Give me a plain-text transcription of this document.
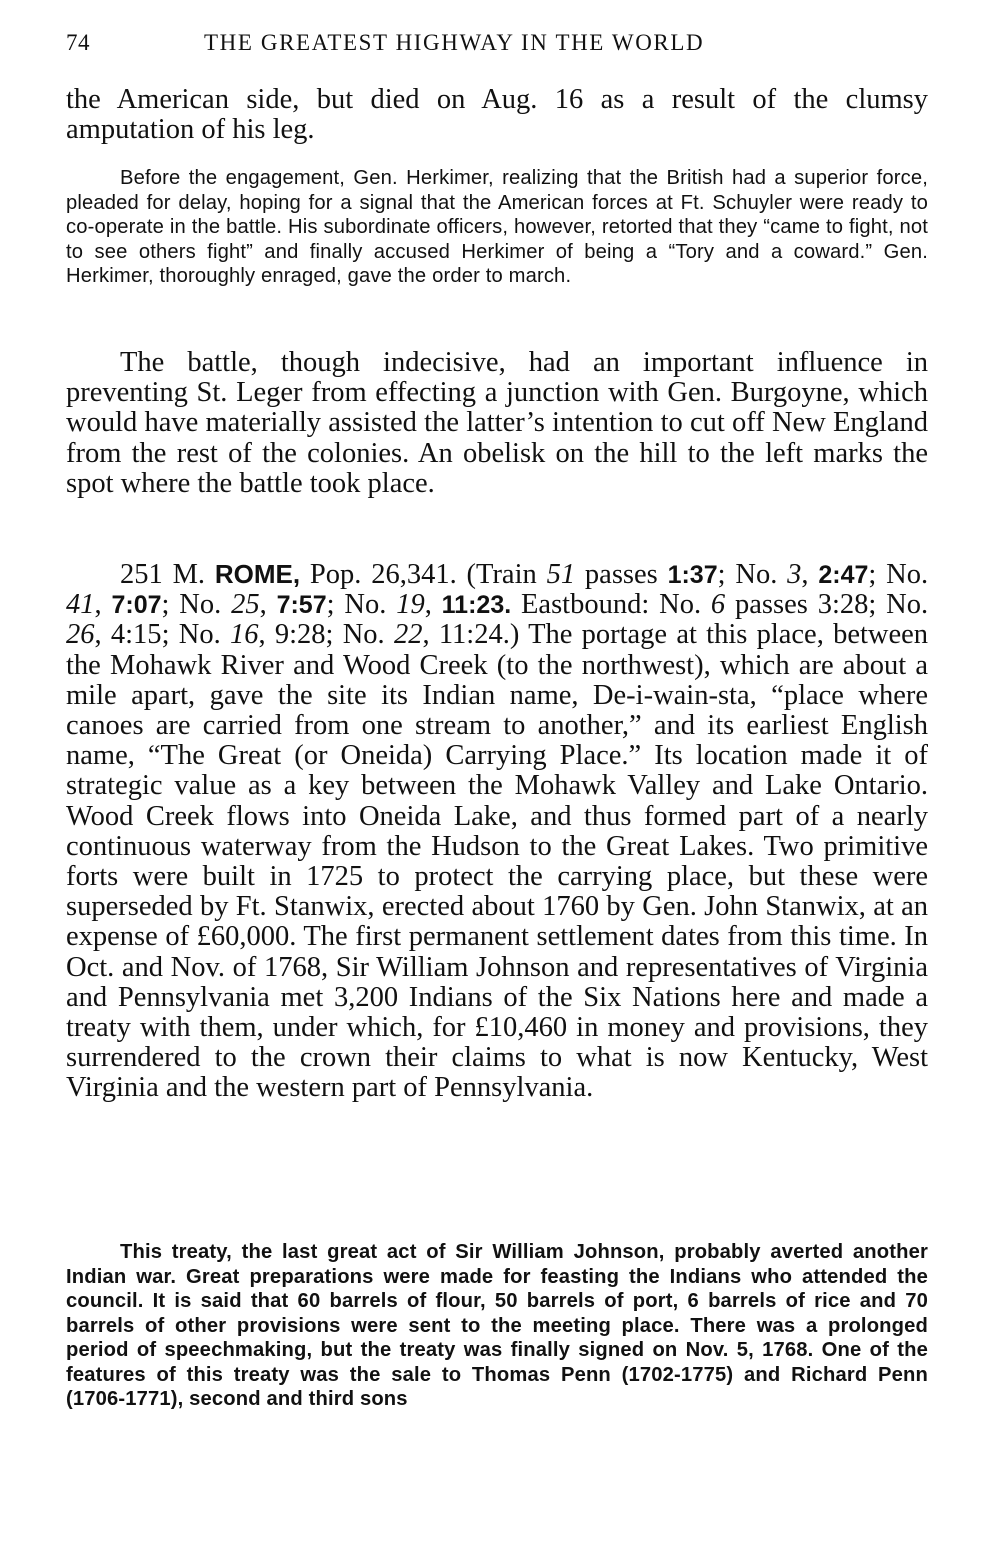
74	THE GREATEST HIGHWAY IN THE WORLD

the American side, but died on Aug. 16 as a result of the clumsy amputation of his leg.

Before the engagement, Gen. Herkimer, realizing that the British had a superior force, pleaded for delay, hoping for a signal that the American forces at Ft. Schuyler were ready to co-operate in the battle. His subordinate officers, however, retorted that they “came to fight, not to see others fight” and finally accused Herkimer of being a “Tory and a coward.” Gen. Herkimer, thoroughly enraged, gave the order to march.

The battle, though indecisive, had an important influence in preventing St. Leger from effecting a junction with Gen. Burgoyne, which would have materially assisted the latter’s intention to cut off New England from the rest of the colonies. An obelisk on the hill to the left marks the spot where the battle took place.

251 M. ROME, Pop. 26,341. (Train 51 passes 1:37; No. 3, 2:47; No. 41, 7:07; No. 25, 7:57; No. 19, 11:23. Eastbound: No. 6 passes 3:28; No. 26, 4:15; No. 16, 9:28; No. 22, 11:24.) The portage at this place, between the Mohawk River and Wood Creek (to the northwest), which are about a mile apart, gave the site its Indian name, De-i-wain-sta, “place where canoes are carried from one stream to another,” and its earliest English name, “The Great (or Oneida) Carrying Place.” Its location made it of strategic value as a key between the Mohawk Valley and Lake Ontario. Wood Creek flows into Oneida Lake, and thus formed part of a nearly continuous waterway from the Hudson to the Great Lakes. Two primitive forts were built in 1725 to protect the carrying place, but these were superseded by Ft. Stanwix, erected about 1760 by Gen. John Stanwix, at an expense of £60,000. The first permanent settlement dates from this time. In Oct. and Nov. of 1768, Sir William Johnson and representatives of Virginia and Pennsylvania met 3,200 Indians of the Six Nations here and made a treaty with them, under which, for £10,460 in money and provisions, they surrendered to the crown their claims to what is now Kentucky, West Virginia and the western part of Pennsylvania.

This treaty, the last great act of Sir William Johnson, probably averted another Indian war. Great preparations were made for feasting the Indians who attended the council. It is said that 60 barrels of flour, 50 barrels of port, 6 barrels of rice and 70 barrels of other provisions were sent to the meeting place. There was a prolonged period of speechmaking, but the treaty was finally signed on Nov. 5, 1768. One of the features of this treaty was the sale to Thomas Penn (1702-1775) and Richard Penn (1706-1771), second and third sons
